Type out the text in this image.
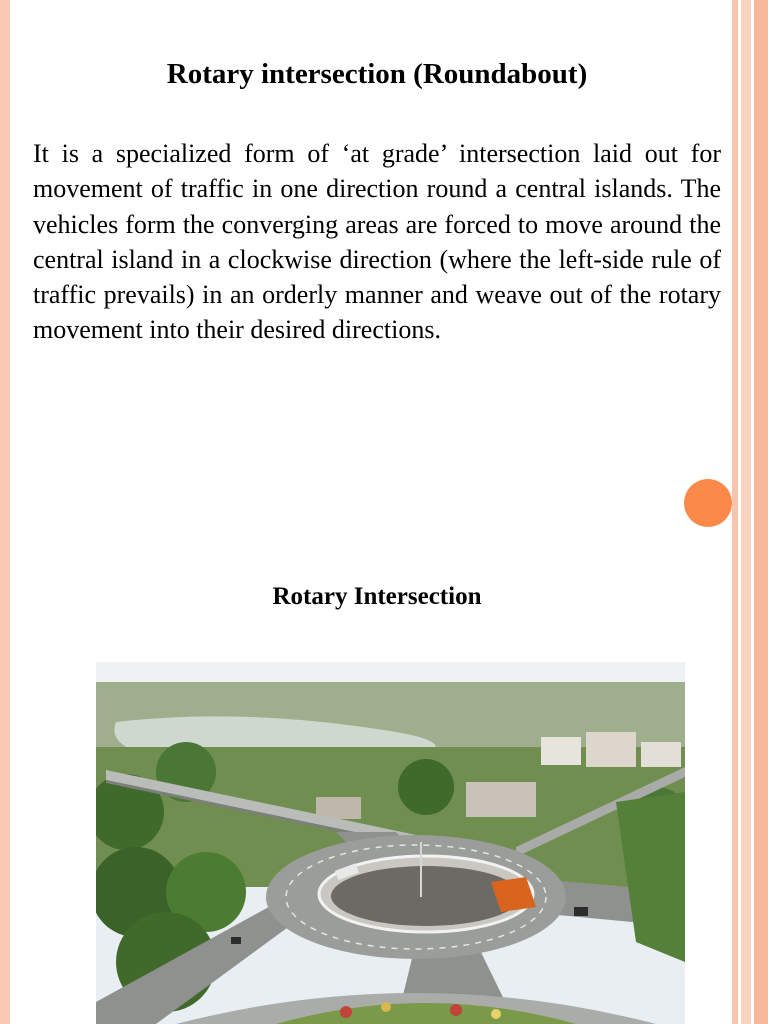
Rotary intersection (Roundabout)
It is a specialized form of ‘at grade’ intersection laid out for movement of traffic in one direction round a central islands. The vehicles form the converging areas are forced to move around the central island in a clockwise direction (where the left-side rule of traffic prevails) in an orderly manner and weave out of the rotary movement into their desired directions.
Rotary Intersection
